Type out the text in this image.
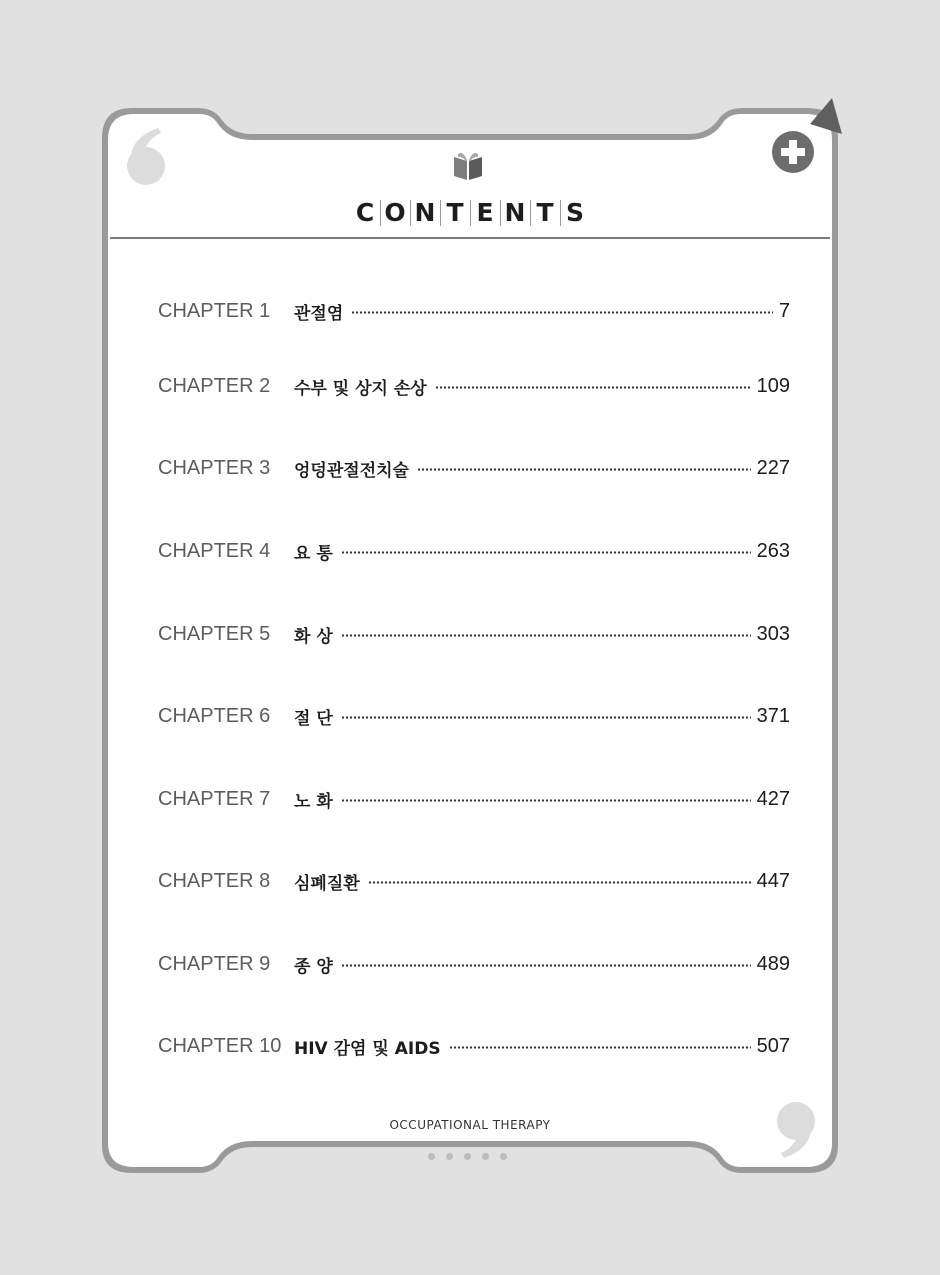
C O N T E N T S
CHAPTER 1	관절염	7
CHAPTER 2	수부 및 상지 손상	109
CHAPTER 3	엉덩관절전치술	227
CHAPTER 4	요 통	263
CHAPTER 5	화 상	303
CHAPTER 6	절 단	371
CHAPTER 7	노 화	427
CHAPTER 8	심폐질환	447
CHAPTER 9	종 양	489
CHAPTER 10 HIV 감염 및 AIDS	507
OCCUPATIONAL THERAPY
